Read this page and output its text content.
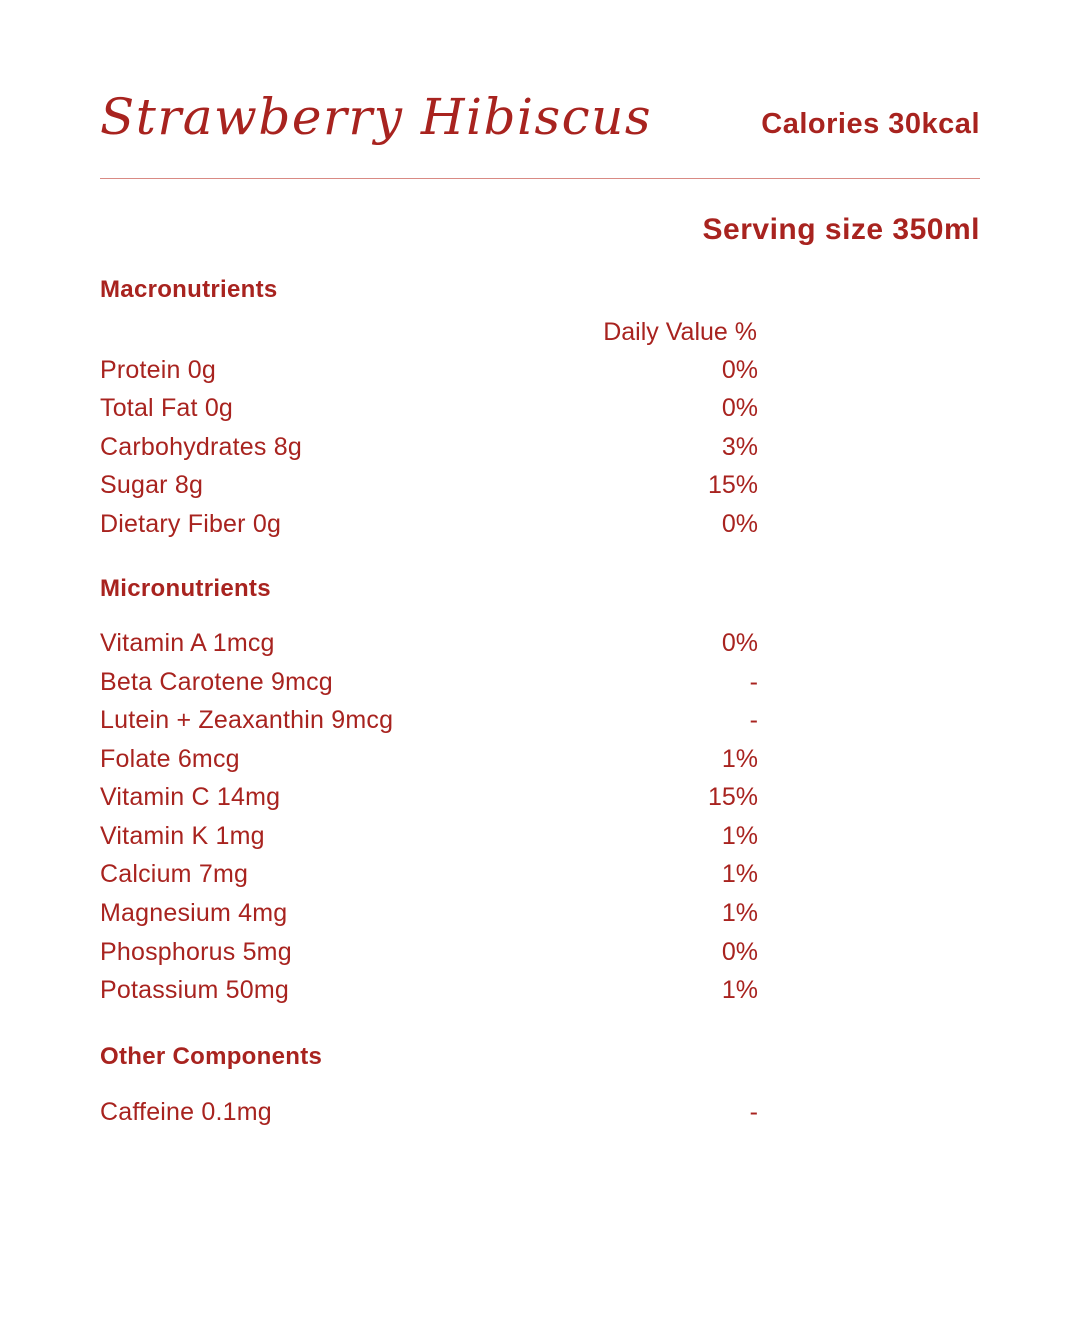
Strawberry Hibiscus	Calories 30kcal
Serving size 350ml
Macronutrients
Daily Value %
Protein 0g	0%
Total Fat 0g	0%
Carbohydrates 8g	3%
Sugar 8g	15%
Dietary Fiber 0g	0%
Micronutrients
Vitamin A 1mcg	0%
Beta Carotene 9mcg	-
Lutein + Zeaxanthin 9mcg	-
Folate 6mcg	1%
Vitamin C 14mg	15%
Vitamin K 1mg	1%
Calcium 7mg	1%
Magnesium 4mg	1%
Phosphorus 5mg	0%
Potassium 50mg	1%
Other Components
Caffeine 0.1mg	-
